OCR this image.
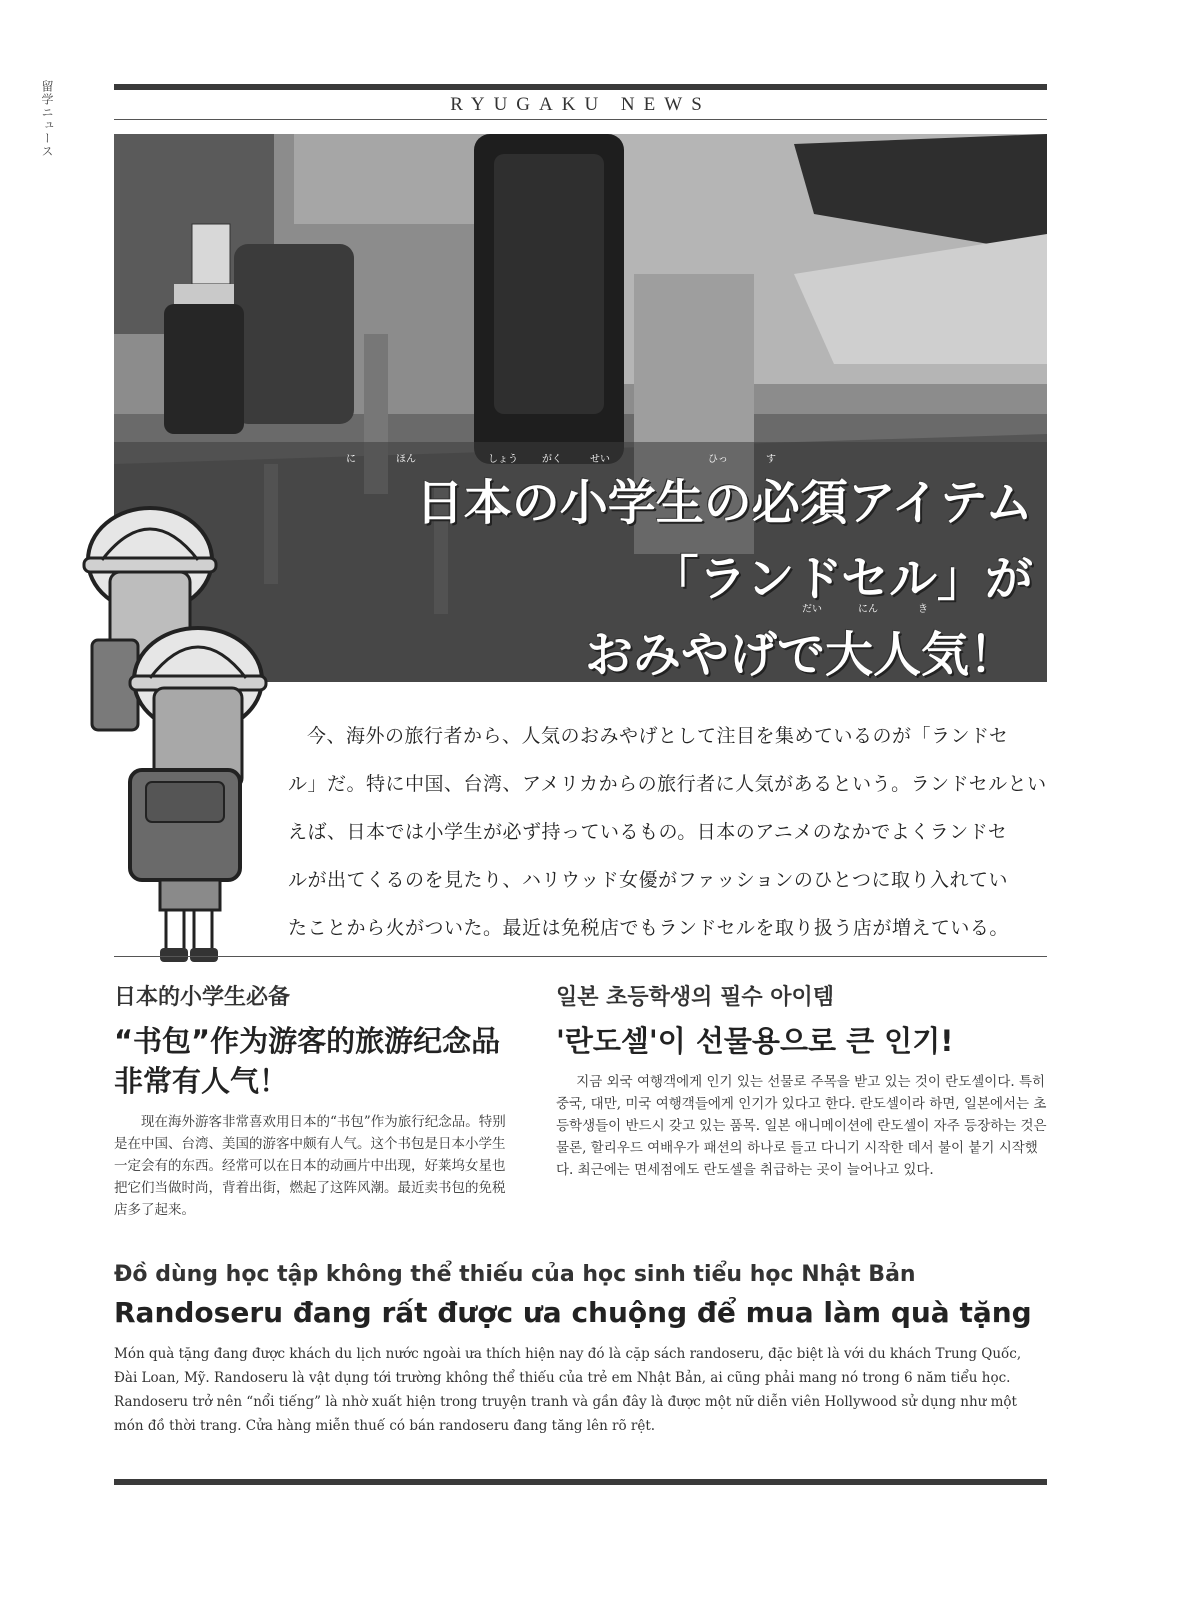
留学ニュース	RYUGAKU NEWS
に	ほん	しょう がく	せい	ひっ	す
日本の小学生の必須アイテム
「ランドセル」が
だい	にん	き
おみやげで大人気！
今、海外の旅行者から、人気のおみやげとして注目を集めているのが「ランドセ
ル」だ。特に中国、台湾、アメリカからの旅行者に人気があるという。ランドセルとい
えば、日本では小学生が必ず持っているもの。日本のアニメのなかでよくランドセ
ルが出てくるのを見たり、ハリウッド女優がファッションのひとつに取り入れてい
たことから火がついた。最近は免税店でもランドセルを取り扱う店が増えている。
日本的小学生必备
“书包”作为游客的旅游纪念品
非常有人气！

现在海外游客非常喜欢用日本的“书包”作为旅行纪念品。特别是在中国、台湾、美国的游客中颇有人气。这个书包是日本小学生一定会有的东西。经常可以在日本的动画片中出现，好莱坞女星也把它们当做时尚，背着出街，燃起了这阵风潮。最近卖书包的免税店多了起来。

일본 초등학생의 필수 아이템
'란도셀'이 선물용으로 큰 인기!

지금 외국 여행객에게 인기 있는 선물로 주목을 받고 있는 것이 란도셀이다. 특히 중국, 대만, 미국 여행객들에게 인기가 있다고 한다. 란도셀이라 하면, 일본에서는 초등학생들이 반드시 갖고 있는 품목. 일본 애니메이션에 란도셀이 자주 등장하는 것은 물론, 할리우드 여배우가 패션의 하나로 들고 다니기 시작한 데서 불이 붙기 시작했다. 최근에는 면세점에도 란도셀을 취급하는 곳이 늘어나고 있다.

Đồ dùng học tập không thể thiếu của học sinh tiểu học Nhật Bản
Randoseru đang rất được ưa chuộng để mua làm quà tặng
Món quà tặng đang được khách du lịch nước ngoài ưa thích hiện nay đó là cặp sách randoseru, đặc biệt là với du khách Trung Quốc, Đài Loan, Mỹ. Randoseru là vật dụng tới trường không thể thiếu của trẻ em Nhật Bản, ai cũng phải mang nó trong 6 năm tiểu học. Randoseru trở nên “nổi tiếng” là nhờ xuất hiện trong truyện tranh và gần đây là được một nữ diễn viên Hollywood sử dụng như một món đồ thời trang. Cửa hàng miễn thuế có bán randoseru đang tăng lên rõ rệt.
